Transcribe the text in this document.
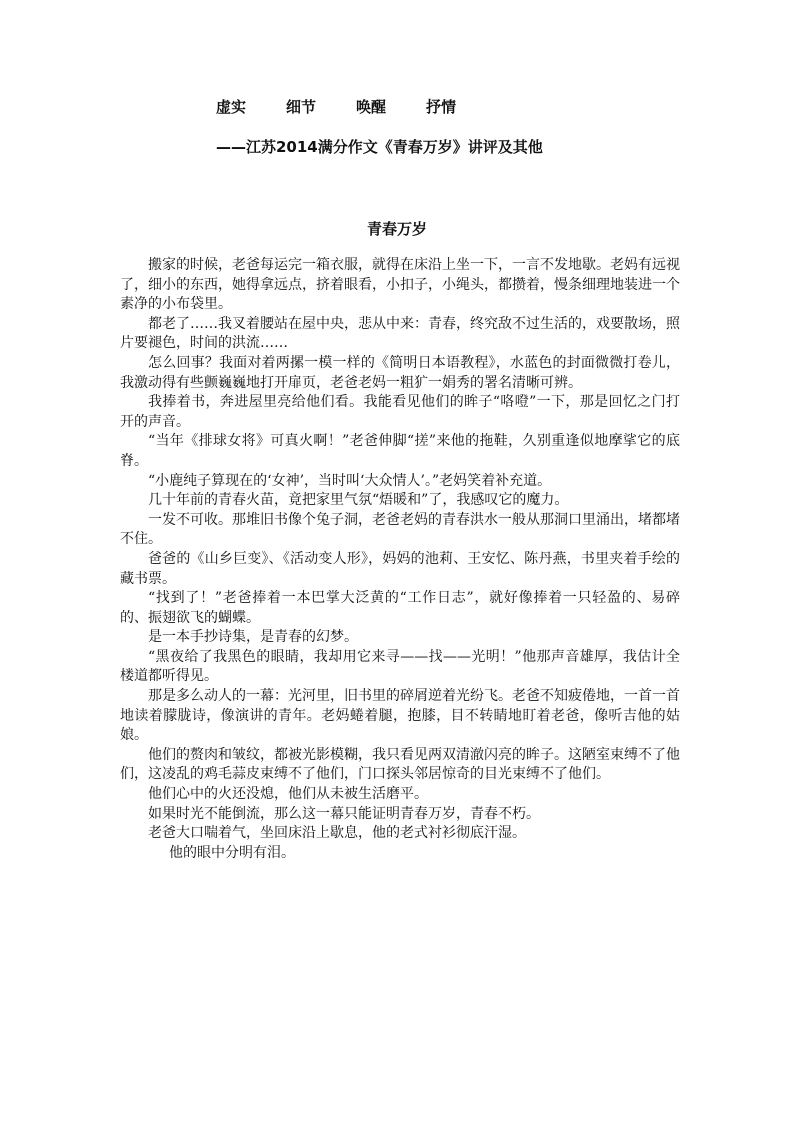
虚实	细节	唤醒	抒情
——江苏2014满分作文《青春万岁》讲评及其他
青春万岁

搬家的时候，老爸每运完一箱衣服，就得在床沿上坐一下，一言不发地歇。老妈有远视了，细小的东西，她得拿远点，挤着眼看，小扣子，小绳头，都攒着，慢条细理地装进一个素净的小布袋里。

都老了……我叉着腰站在屋中央，悲从中来：青春，终究敌不过生活的，戏要散场，照片要褪色，时间的洪流……

怎么回事？我面对着两摞一模一样的《简明日本语教程》，水蓝色的封面微微打卷儿，我激动得有些颤巍巍地打开扉页，老爸老妈一粗犷一娟秀的署名清晰可辨。

我捧着书，奔进屋里亮给他们看。我能看见他们的眸子“咯噔”一下，那是回忆之门打开的声音。

“当年《排球女将》可真火啊！”老爸伸脚“搓”来他的拖鞋，久别重逢似地摩挲它的底脊。

“小鹿纯子算现在的‘女神’，当时叫‘大众情人’。”老妈笑着补充道。

几十年前的青春火苗，竟把家里气氛“焐暖和”了，我感叹它的魔力。

一发不可收。那堆旧书像个兔子洞，老爸老妈的青春洪水一般从那洞口里涌出，堵都堵不住。

爸爸的《山乡巨变》、《活动变人形》，妈妈的池莉、王安忆、陈丹燕，书里夹着手绘的藏书票。

“找到了！”老爸捧着一本巴掌大泛黄的“工作日志”，就好像捧着一只轻盈的、易碎的、振翅欲飞的蝴蝶。

是一本手抄诗集，是青春的幻梦。

“黑夜给了我黑色的眼睛，我却用它来寻——找——光明！”他那声音雄厚，我估计全楼道都听得见。

那是多么动人的一幕：光河里，旧书里的碎屑逆着光纷飞。老爸不知疲倦地，一首一首地读着朦胧诗，像演讲的青年。老妈蜷着腿，抱膝，目不转睛地盯着老爸，像听吉他的姑娘。

他们的赘肉和皱纹，都被光影模糊，我只看见两双清澈闪亮的眸子。这陋室束缚不了他们，这凌乱的鸡毛蒜皮束缚不了他们，门口探头邻居惊奇的目光束缚不了他们。

他们心中的火还没熄，他们从未被生活磨平。

如果时光不能倒流，那么这一幕只能证明青春万岁，青春不朽。

老爸大口喘着气，坐回床沿上歇息，他的老式衬衫彻底汗湿。

他的眼中分明有泪。
